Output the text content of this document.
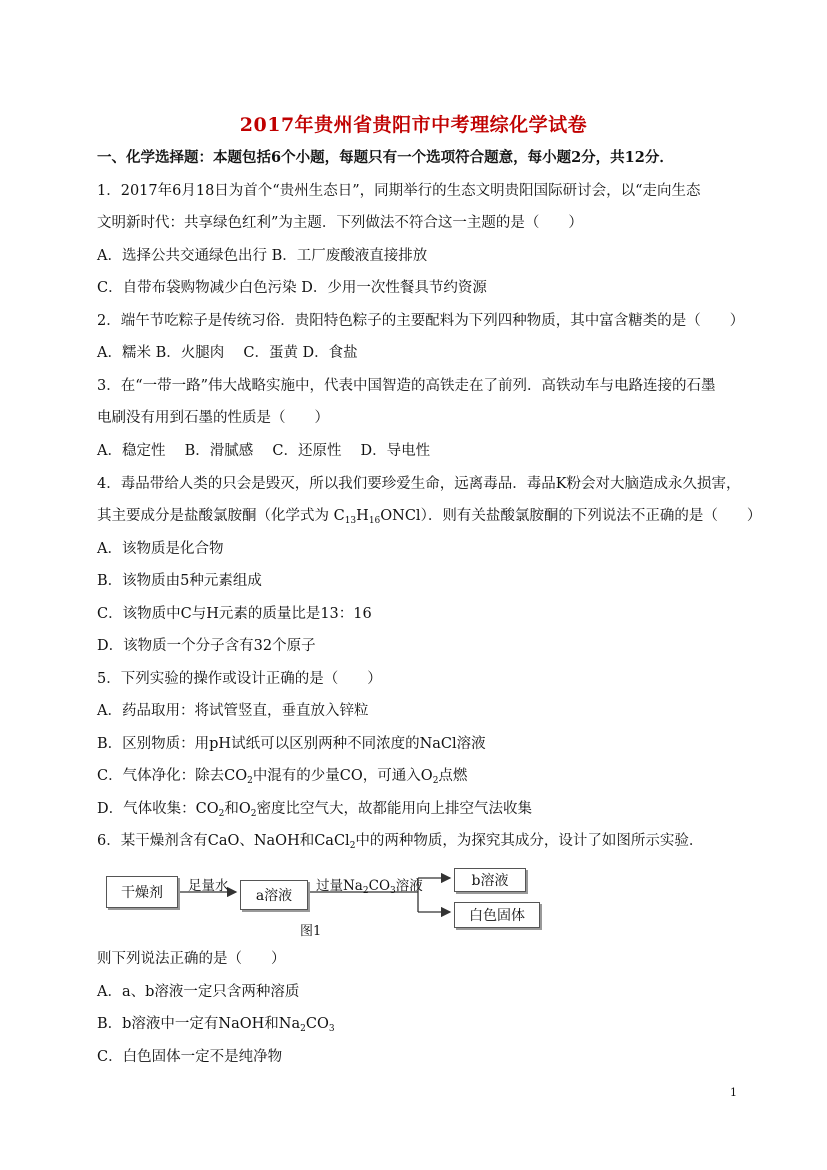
2017年贵州省贵阳市中考理综化学试卷
一、化学选择题：本题包括6个小题，每题只有一个选项符合题意，每小题2分，共12分．
1．2017年6月18日为首个“贵州生态日”，同期举行的生态文明贵阳国际研讨会，以“走向生态
文明新时代：共享绿色红利”为主题．下列做法不符合这一主题的是（　　）
A．选择公共交通绿色出行 B．工厂废酸液直接排放
C．自带布袋购物减少白色污染 D．少用一次性餐具节约资源
2．端午节吃粽子是传统习俗．贵阳特色粽子的主要配料为下列四种物质，其中富含糖类的是（　　）
A．糯米 B．火腿肉　 C．蛋黄 D．食盐
3．在“一带一路”伟大战略实施中，代表中国智造的高铁走在了前列．高铁动车与电路连接的石墨
电刷没有用到石墨的性质是（　　）
A．稳定性　 B．滑腻感　 C．还原性　 D．导电性
4．毒品带给人类的只会是毁灭，所以我们要珍爱生命，远离毒品．毒品K粉会对大脑造成永久损害，
其主要成分是盐酸氯胺酮（化学式为 $C_{13}H_{16}ONCl$）．则有关盐酸氯胺酮的下列说法不正确的是（　　）
A．该物质是化合物
B．该物质由5种元素组成
C．该物质中C与H元素的质量比是13：16
D．该物质一个分子含有32个原子
5．下列实验的操作或设计正确的是（　　）
A．药品取用：将试管竖直，垂直放入锌粒
B．区别物质：用pH试纸可以区别两种不同浓度的NaCl溶液
C．气体净化：除去$CO_2$中混有的少量CO，可通入$O_2$点燃
D．气体收集：$CO_2$和$O_2$密度比空气大，故都能用向上排空气法收集
6．某干燥剂含有CaO、NaOH和CaCl$_2$中的两种物质，为探究其成分，设计了如图所示实验．
干燥剂	足量水
a溶液
过量$Na_2CO_3$溶液	b溶液
白色固体
图1
则下列说法正确的是（　　）
A．a、b溶液一定只含两种溶质
B．b溶液中一定有NaOH和$Na_2CO_3$
C．白色固体一定不是纯净物
1
